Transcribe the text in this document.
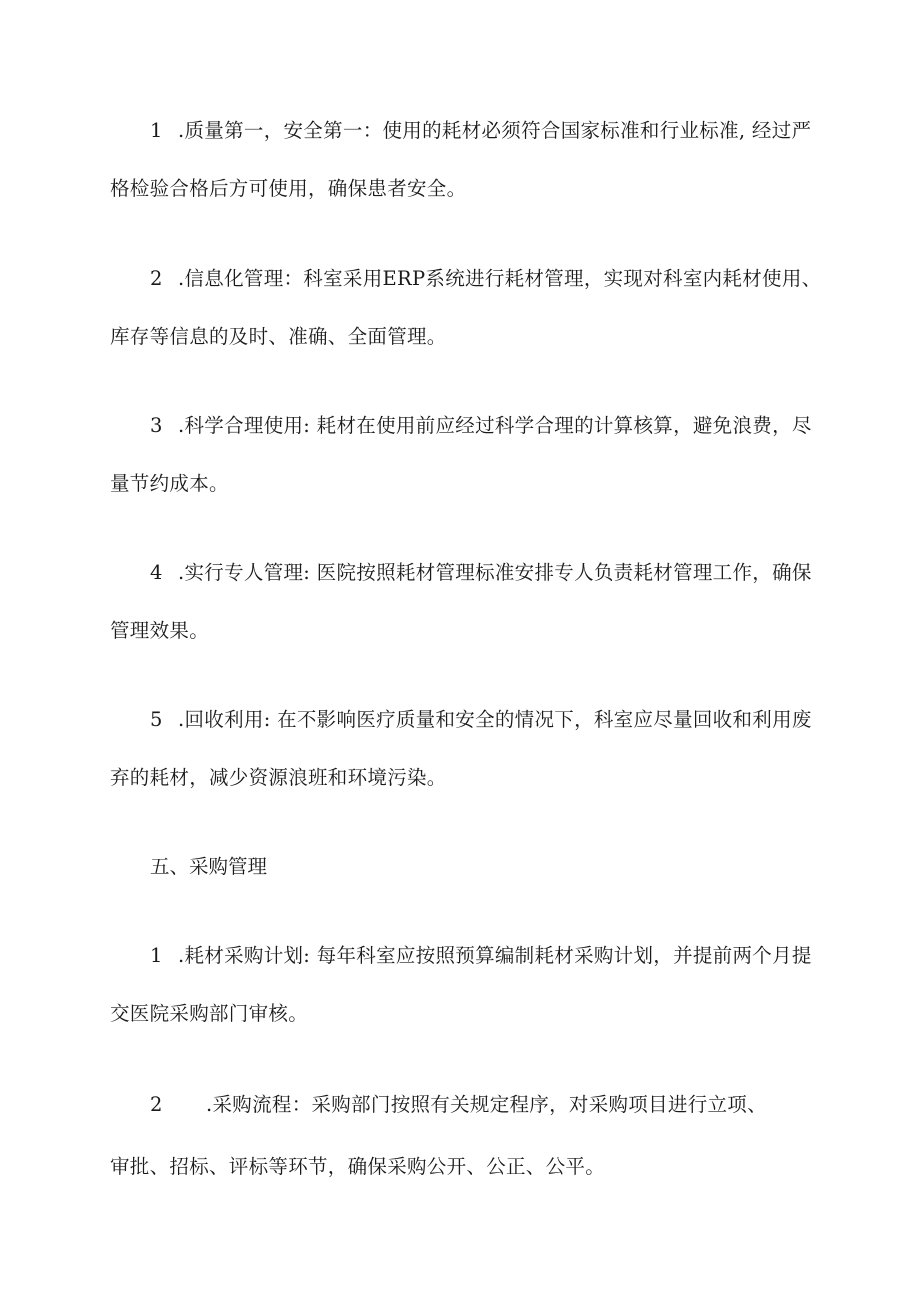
1 .质量第一，安全第一：使用的耗材必须符合国家标准和行业标准, 经过严
格检验合格后方可使用，确保患者安全。
2 .信息化管理：科室采用ERP系统进行耗材管理，实现对科室内耗材使用、
库存等信息的及时、准确、全面管理。
3 .科学合理使用: 耗材在使用前应经过科学合理的计算核算，避免浪费，尽
量节约成本。
4 .实行专人管理: 医院按照耗材管理标准安排专人负责耗材管理工作，确保
管理效果。
5 .回收利用: 在不影响医疗质量和安全的情况下，科室应尽量回收和利用废
弃的耗材，减少资源浪班和环境污染。
五、采购管理
1 .耗材采购计划: 每年科室应按照预算编制耗材采购计划，并提前两个月提
交医院采购部门审核。
2 .采购流程：采购部门按照有关规定程序，对采购项目进行立项、
审批、招标、评标等环节，确保采购公开、公正、公平。
